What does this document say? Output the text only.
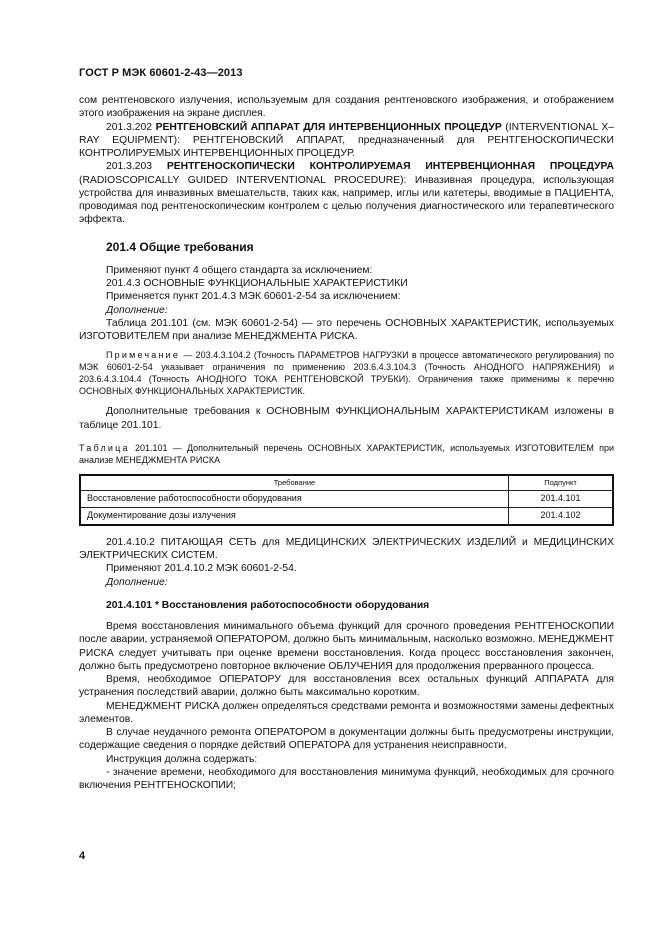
ГОСТ Р МЭК 60601-2-43—2013

сом рентгеновского излучения, используемым для создания рентгеновского изображения, и отображением этого изображения на экране дисплея.

201.3.202 РЕНТГЕНОВСКИЙ АППАРАТ ДЛЯ ИНТЕРВЕНЦИОННЫХ ПРОЦЕДУР (INTERVENTIONAL X–RAY EQUIPMENT): РЕНТГЕНОВСКИЙ АППАРАТ, предназначенный для РЕНТГЕНОСКОПИЧЕСКИ КОНТРОЛИРУЕМЫХ ИНТЕРВЕНЦИОННЫХ ПРОЦЕДУР.

201.3.203 РЕНТГЕНОСКОПИЧЕСКИ КОНТРОЛИРУЕМАЯ ИНТЕРВЕНЦИОННАЯ ПРОЦЕДУРА (RADIOSCOPICALLY GUIDED INTERVENTIONAL PROCEDURE): Инвазивная процедура, использующая устройства для инвазивных вмешательств, таких как, например, иглы или катетеры, вводимые в ПАЦИЕНТА, проводимая под рентгеноскопическим контролем с целью получения диагностического или терапевтического эффекта.

201.4 Общие требования

Применяют пункт 4 общего стандарта за исключением:

201.4.3 ОСНОВНЫЕ ФУНКЦИОНАЛЬНЫЕ ХАРАКТЕРИСТИКИ

Применяется пункт 201.4.3 МЭК 60601-2-54 за исключением:

Дополнение:

Таблица 201.101 (см. МЭК 60601-2-54) — это перечень ОСНОВНЫХ ХАРАКТЕРИСТИК, используемых ИЗГОТОВИТЕЛЕМ при анализе МЕНЕДЖМЕНТА РИСКА.

Примечание — 203.4.3.104.2 (Точность ПАРАМЕТРОВ НАГРУЗКИ в процессе автоматического регулирования) по МЭК 60601-2-54 указывает ограничения по применению 203.6.4.3.104.3 (Точность АНОДНОГО НАПРЯЖЕНИЯ) и 203.6.4.3.104.4 (Точность АНОДНОГО ТОКА РЕНТГЕНОВСКОЙ ТРУБКИ). Ограничения также применимы к перечню ОСНОВНЫХ ФУНКЦИОНАЛЬНЫХ ХАРАКТЕРИСТИК.

Дополнительные требования к ОСНОВНЫМ ФУНКЦИОНАЛЬНЫМ ХАРАКТЕРИСТИКАМ изложены в таблице 201.101.

Таблица 201.101 — Дополнительный перечень ОСНОВНЫХ ХАРАКТЕРИСТИК, используемых ИЗГОТОВИТЕЛЕМ при анализе МЕНЕДЖМЕНТА РИСКА

Требование	Подпункт
Восстановление работоспособности оборудования	201.4.101
Документирование дозы излучения	201.4.102

201.4.10.2 ПИТАЮЩАЯ СЕТЬ для МЕДИЦИНСКИХ ЭЛЕКТРИЧЕСКИХ ИЗДЕЛИЙ и МЕДИЦИНСКИХ ЭЛЕКТРИЧЕСКИХ СИСТЕМ.

Применяют 201.4.10.2 МЭК 60601-2-54.

Дополнение:

201.4.101 * Восстановления работоспособности оборудования

Время восстановления минимального объема функций для срочного проведения РЕНТГЕНОСКОПИИ после аварии, устраняемой ОПЕРАТОРОМ, должно быть минимальным, насколько возможно. МЕНЕДЖМЕНТ РИСКА следует учитывать при оценке времени восстановления. Когда процесс восстановления закончен, должно быть предусмотрено повторное включение ОБЛУЧЕНИЯ для продолжения прерванного процесса.

Время, необходимое ОПЕРАТОРУ для восстановления всех остальных функций АППАРАТА для устранения последствий аварии, должно быть максимально коротким.

МЕНЕДЖМЕНТ РИСКА должен определяться средствами ремонта и возможностями замены дефектных элементов.

В случае неудачного ремонта ОПЕРАТОРОМ в документации должны быть предусмотрены инструкции, содержащие сведения о порядке действий ОПЕРАТОРА для устранения неисправности.

Инструкция должна содержать:

- значение времени, необходимого для восстановления минимума функций, необходимых для срочного включения РЕНТГЕНОСКОПИИ;

4
